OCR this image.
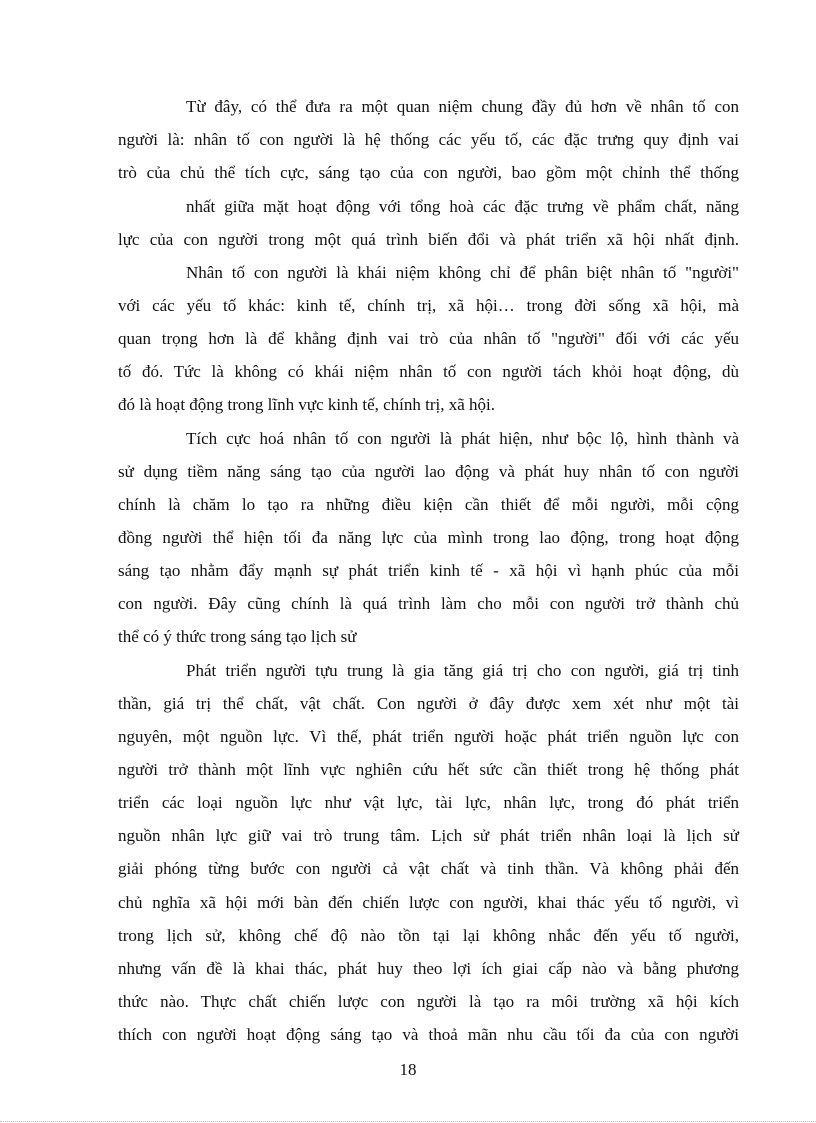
Từ đây, có thể đưa ra một quan niệm chung đầy đủ hơn về nhân tố con
người là: nhân tố con người là hệ thống các yếu tố, các đặc trưng quy định vai
trò của chủ thể tích cực, sáng tạo của con người, bao gồm một chỉnh thể thống
nhất giữa mặt hoạt động với tổng hoà các đặc trưng về phẩm chất, năng
lực của con người trong một quá trình biến đổi và phát triển xã hội nhất định.
Nhân tố con người là khái niệm không chỉ để phân biệt nhân tố "người"
với các yếu tố khác: kinh tế, chính trị, xã hội… trong đời sống xã hội, mà
quan trọng hơn là để khẳng định vai trò của nhân tố "người" đối với các yếu
tố đó. Tức là không có khái niệm nhân tố con người tách khỏi hoạt động, dù
đó là hoạt động trong lĩnh vực kinh tế, chính trị, xã hội.
Tích cực hoá nhân tố con người là phát hiện, như bộc lộ, hình thành và
sử dụng tiềm năng sáng tạo của người lao động và phát huy nhân tố con người
chính là chăm lo tạo ra những điều kiện cần thiết để mỗi người, mỗi cộng
đồng người thể hiện tối đa năng lực của mình trong lao động, trong hoạt động
sáng tạo nhằm đẩy mạnh sự phát triển kinh tế - xã hội vì hạnh phúc của mỗi
con người. Đây cũng chính là quá trình làm cho mỗi con người trở thành chủ
thể có ý thức trong sáng tạo lịch sử
Phát triển người tựu trung là gia tăng giá trị cho con người, giá trị tinh
thần, giá trị thể chất, vật chất. Con người ở đây được xem xét như một tài
nguyên, một nguồn lực. Vì thế, phát triển người hoặc phát triển nguồn lực con
người trở thành một lĩnh vực nghiên cứu hết sức cần thiết trong hệ thống phát
triển các loại nguồn lực như vật lực, tài lực, nhân lực, trong đó phát triển
nguồn nhân lực giữ vai trò trung tâm. Lịch sử phát triển nhân loại là lịch sử
giải phóng từng bước con người cả vật chất và tinh thần. Và không phải đến
chủ nghĩa xã hội mới bàn đến chiến lược con người, khai thác yếu tố người, vì
trong lịch sử, không chế độ nào tồn tại lại không nhắc đến yếu tố người,
nhưng vấn đề là khai thác, phát huy theo lợi ích giai cấp nào và bằng phương
thức nào. Thực chất chiến lược con người là tạo ra môi trường xã hội kích
thích con người hoạt động sáng tạo và thoả mãn nhu cầu tối đa của con người
18
